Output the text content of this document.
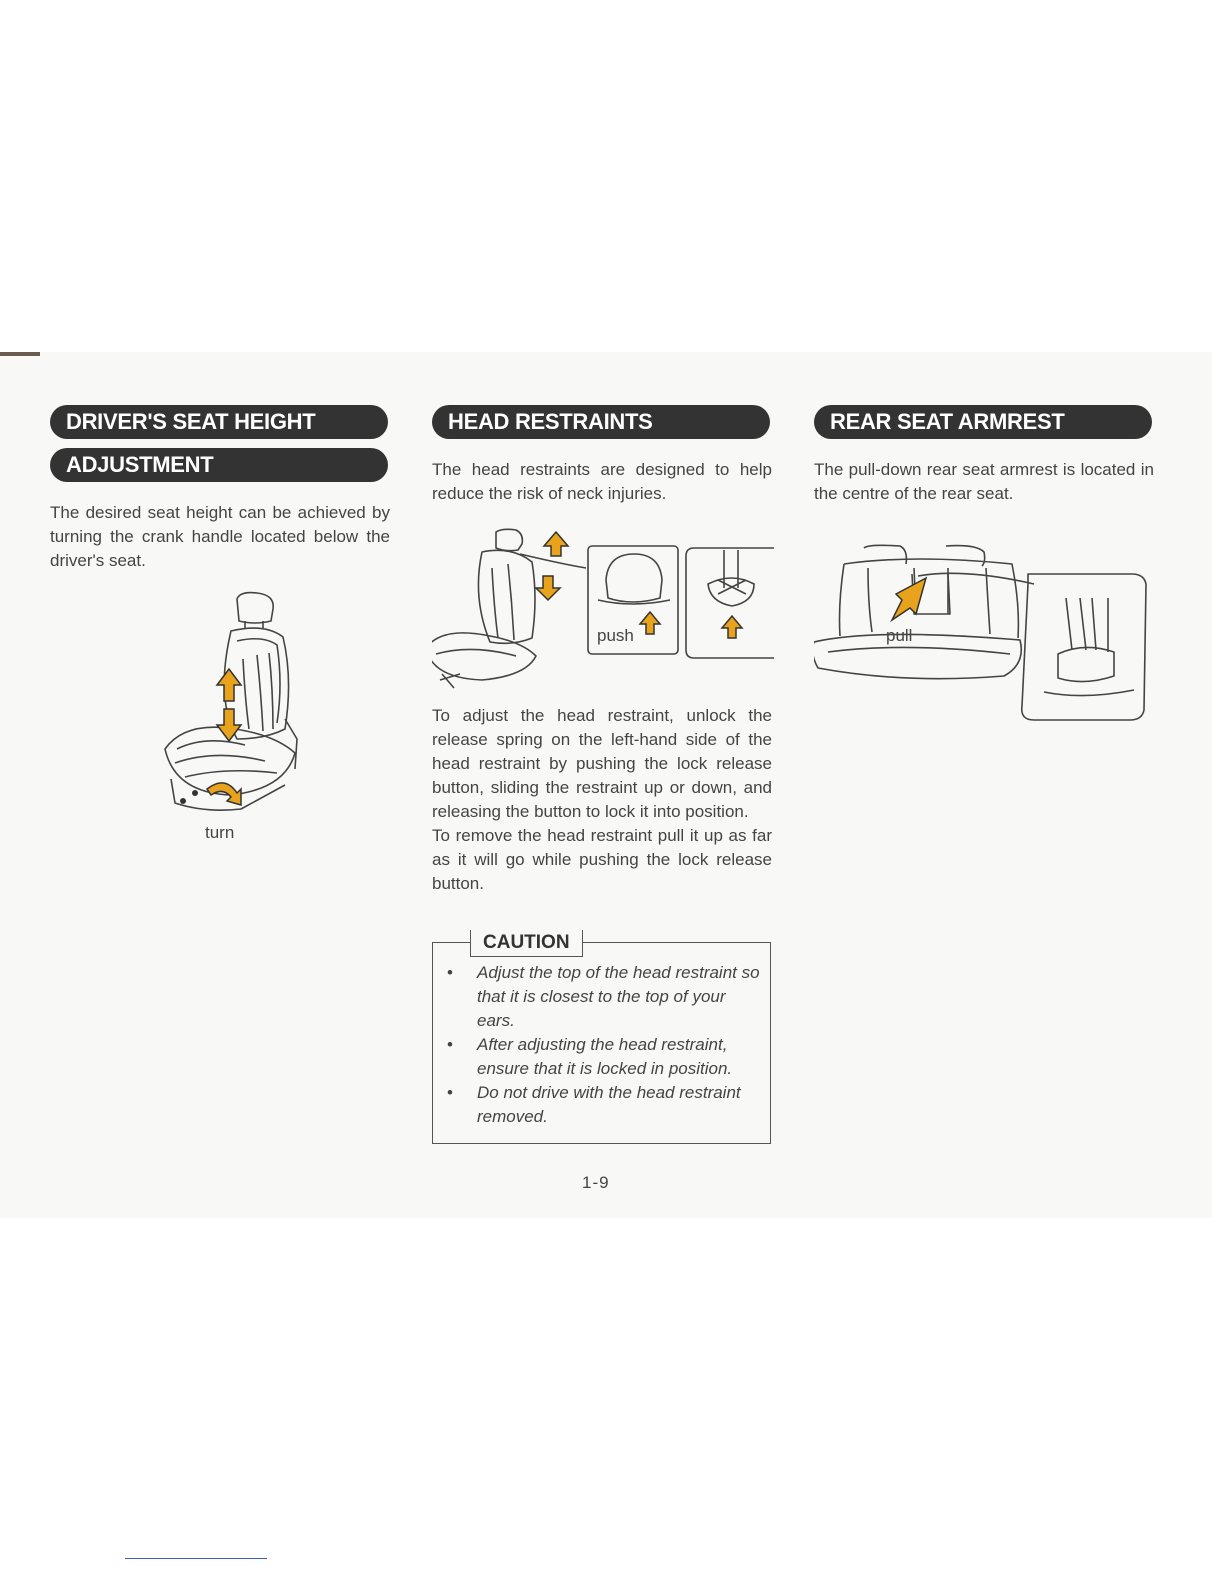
DRIVER'S SEAT HEIGHT
ADJUSTMENT

The desired seat height can be achieved by turning the crank handle located below the driver's seat.

turn
HEAD RESTRAINTS

The head restraints are designed to help reduce the risk of neck injuries.

push

To adjust the head restraint, unlock the release spring on the left-hand side of the head restraint by pushing the lock release button, sliding the restraint up or down, and releasing the button to lock it into position.

To remove the head restraint pull it up as far as it will go while pushing the lock release button.

CAUTION
• Adjust the top of the head restraint so that it is closest to the top of your ears.
• After adjusting the head restraint, ensure that it is locked in position.
• Do not drive with the head restraint removed.
REAR SEAT ARMREST

The pull-down rear seat armrest is located in the centre of the rear seat.

pull
1-9
